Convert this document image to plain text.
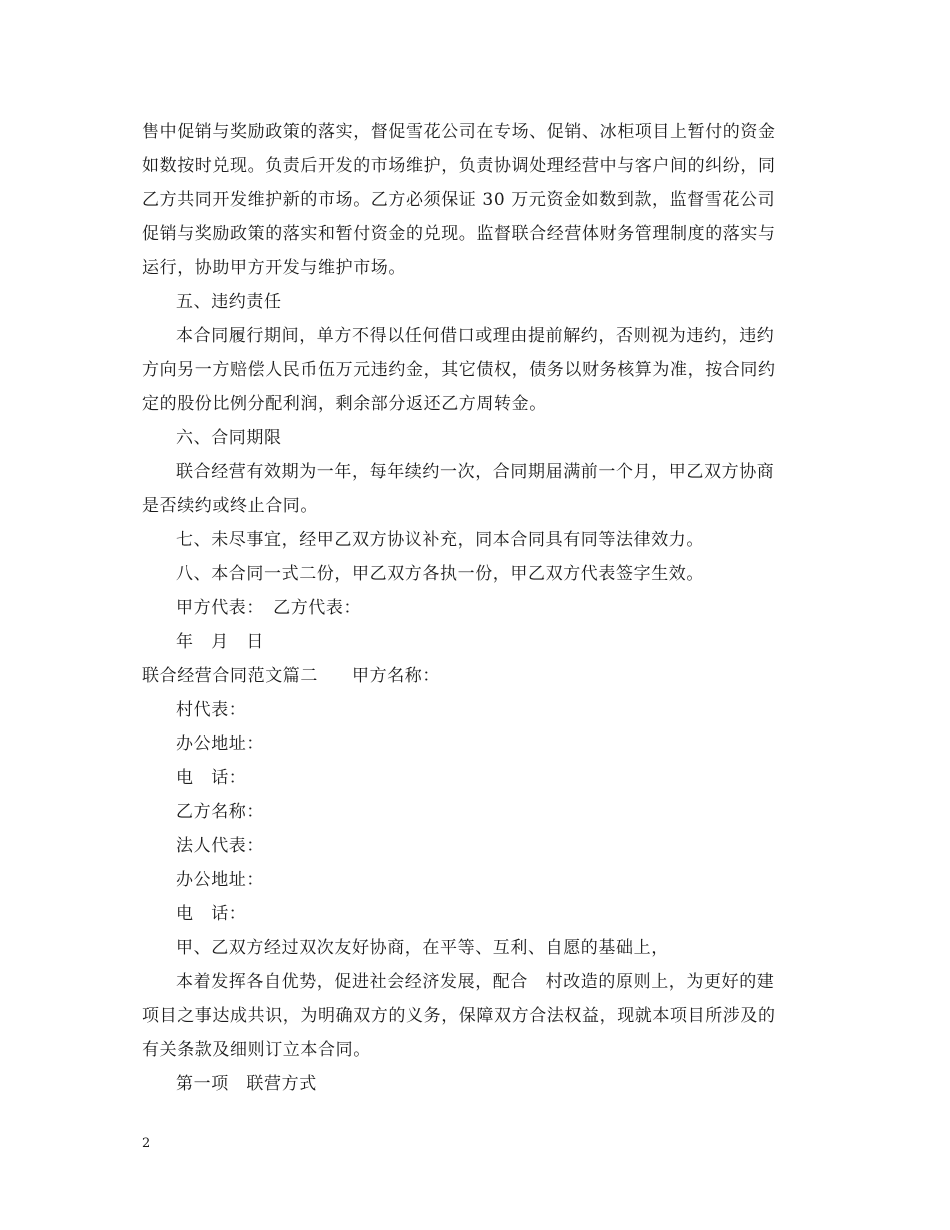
售中促销与奖励政策的落实，督促雪花公司在专场、促销、冰柜项目上暂付的资金
如数按时兑现。负责后开发的市场维护，负责协调处理经营中与客户间的纠纷，同
乙方共同开发维护新的市场。乙方必须保证 30 万元资金如数到款，监督雪花公司
促销与奖励政策的落实和暂付资金的兑现。监督联合经营体财务管理制度的落实与
运行，协助甲方开发与维护市场。
五、违约责任
本合同履行期间，单方不得以任何借口或理由提前解约，否则视为违约，违约
方向另一方赔偿人民币伍万元违约金，其它债权，债务以财务核算为准，按合同约
定的股份比例分配利润，剩余部分返还乙方周转金。
六、合同期限
联合经营有效期为一年，每年续约一次，合同期届满前一个月，甲乙双方协商
是否续约或终止合同。
七、未尽事宜，经甲乙双方协议补充，同本合同具有同等法律效力。
八、本合同一式二份，甲乙双方各执一份，甲乙双方代表签字生效。
甲方代表：　乙方代表：
年　月　日
联合经营合同范文篇二 甲方名称：
村代表：
办公地址：
电　话：
乙方名称：
法人代表：
办公地址：
电　话：
甲、乙双方经过双次友好协商，在平等、互利、自愿的基础上，
本着发挥各自优势，促进社会经济发展，配合　村改造的原则上，为更好的建
项目之事达成共识，为明确双方的义务，保障双方合法权益，现就本项目所涉及的
有关条款及细则订立本合同。
第一项　联营方式
2
